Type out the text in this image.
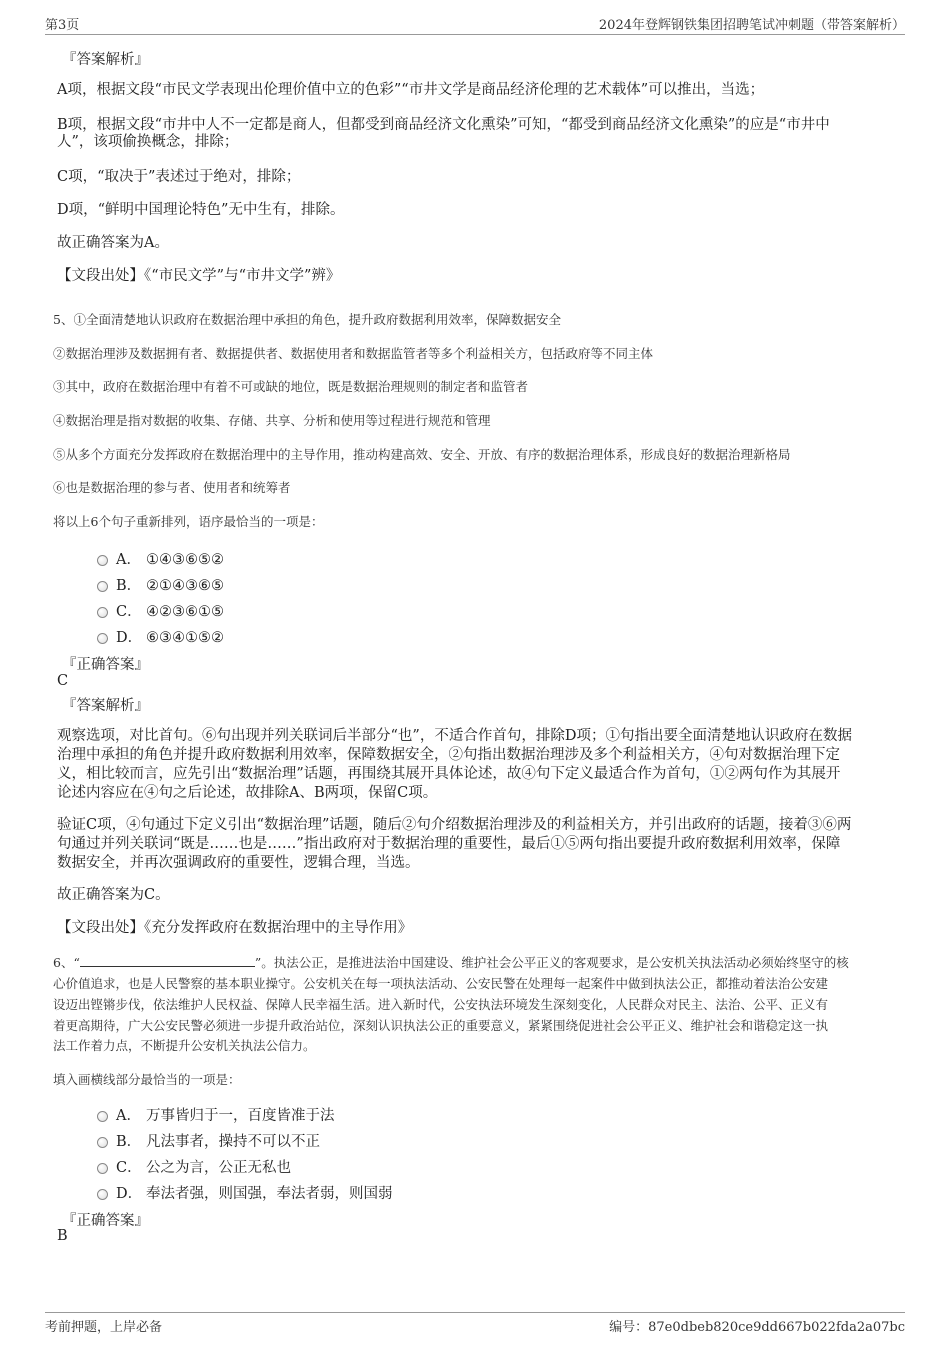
第3页	2024年登辉钢铁集团招聘笔试冲刺题（带答案解析）
『答案解析』
A项，根据文段“市民文学表现出伦理价值中立的色彩”“市井文学是商品经济伦理的艺术载体”可以推出，当选；
B项，根据文段“市井中人不一定都是商人，但都受到商品经济文化熏染”可知，“都受到商品经济文化熏染”的应是“市井中
人”，该项偷换概念，排除；
C项，“取决于”表述过于绝对，排除；
D项，“鲜明中国理论特色”无中生有，排除。
故正确答案为A。
【文段出处】《“市民文学”与“市井文学”辨》
5、①全面清楚地认识政府在数据治理中承担的角色，提升政府数据利用效率，保障数据安全
②数据治理涉及数据拥有者、数据提供者、数据使用者和数据监管者等多个利益相关方，包括政府等不同主体
③其中，政府在数据治理中有着不可或缺的地位，既是数据治理规则的制定者和监管者
④数据治理是指对数据的收集、存储、共享、分析和使用等过程进行规范和管理
⑤从多个方面充分发挥政府在数据治理中的主导作用，推动构建高效、安全、开放、有序的数据治理体系，形成良好的数据治理新格局
⑥也是数据治理的参与者、使用者和统筹者
将以上6个句子重新排列，语序最恰当的一项是：
A． ①④③⑥⑤②
B． ②①④③⑥⑤
C． ④②③⑥①⑤
D． ⑥③④①⑤②
『正确答案』
C
『答案解析』
观察选项，对比首句。⑥句出现并列关联词后半部分“也”，不适合作首句，排除D项；①句指出要全面清楚地认识政府在数据
治理中承担的角色并提升政府数据利用效率，保障数据安全，②句指出数据治理涉及多个利益相关方，④句对数据治理下定
义，相比较而言，应先引出“数据治理”话题，再围绕其展开具体论述，故④句下定义最适合作为首句，①②两句作为其展开
论述内容应在④句之后论述，故排除A、B两项，保留C项。
验证C项，④句通过下定义引出“数据治理”话题，随后②句介绍数据治理涉及的利益相关方，并引出政府的话题，接着③⑥两
句通过并列关联词“既是……也是……”指出政府对于数据治理的重要性，最后①⑤两句指出要提升政府数据利用效率，保障
数据安全，并再次强调政府的重要性，逻辑合理，当选。
故正确答案为C。
【文段出处】《充分发挥政府在数据治理中的主导作用》
6、“	”。执法公正，是推进法治中国建设、维护社会公平正义的客观要求，是公安机关执法活动必须始终坚守的核
心价值追求，也是人民警察的基本职业操守。公安机关在每一项执法活动、公安民警在处理每一起案件中做到执法公正，都推动着法治公安建
设迈出铿锵步伐，依法维护人民权益、保障人民幸福生活。进入新时代，公安执法环境发生深刻变化，人民群众对民主、法治、公平、正义有
着更高期待，广大公安民警必须进一步提升政治站位，深刻认识执法公正的重要意义，紧紧围绕促进社会公平正义、维护社会和谐稳定这一执
法工作着力点，不断提升公安机关执法公信力。
填入画横线部分最恰当的一项是：
A． 万事皆归于一，百度皆准于法
B． 凡法事者，操持不可以不正
C． 公之为言，公正无私也
D． 奉法者强，则国强，奉法者弱，则国弱
『正确答案』
B
考前押题，上岸必备	编号：87e0dbeb820ce9dd667b022fda2a07bc
